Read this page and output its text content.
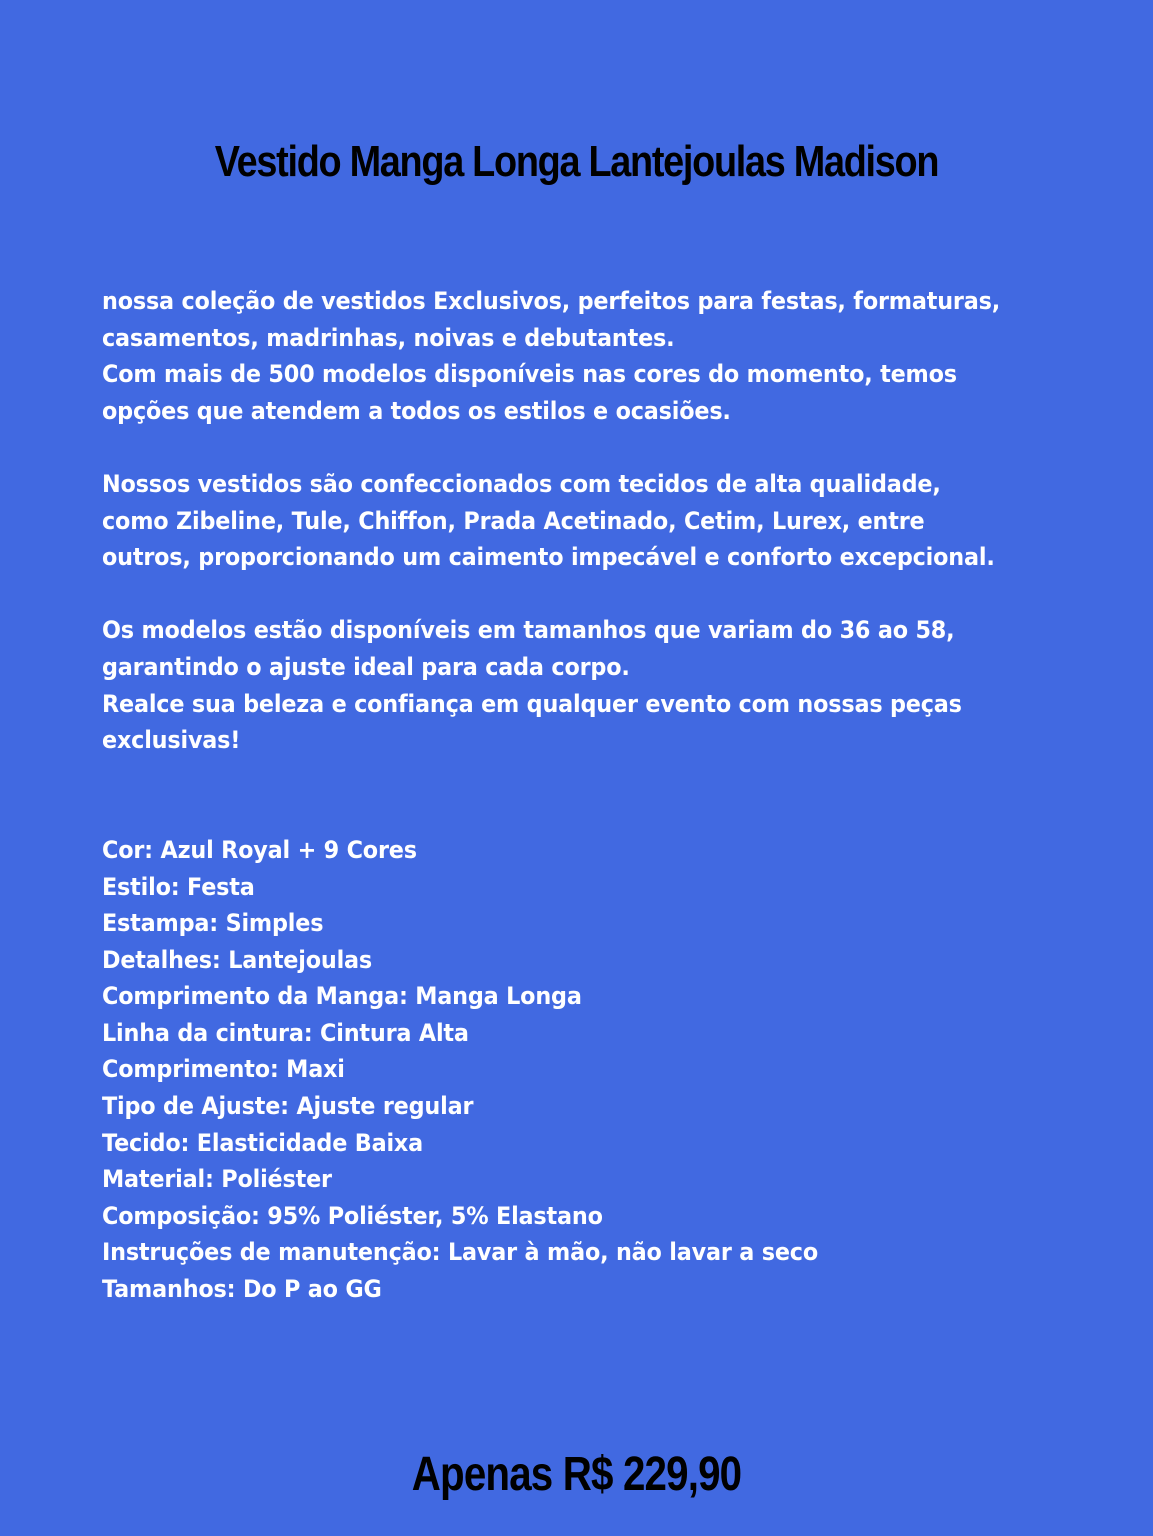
Vestido Manga Longa Lantejoulas Madison
nossa coleção de vestidos Exclusivos, perfeitos para festas, formaturas,
casamentos, madrinhas, noivas e debutantes.
Com mais de 500 modelos disponíveis nas cores do momento, temos
opções que atendem a todos os estilos e ocasiões.
Nossos vestidos são confeccionados com tecidos de alta qualidade,
como Zibeline, Tule, Chiffon, Prada Acetinado, Cetim, Lurex, entre
outros, proporcionando um caimento impecável e conforto excepcional.
Os modelos estão disponíveis em tamanhos que variam do 36 ao 58,
garantindo o ajuste ideal para cada corpo.
Realce sua beleza e confiança em qualquer evento com nossas peças
exclusivas!
Cor: Azul Royal + 9 Cores
Estilo: Festa
Estampa: Simples
Detalhes: Lantejoulas
Comprimento da Manga: Manga Longa
Linha da cintura: Cintura Alta
Comprimento: Maxi
Tipo de Ajuste: Ajuste regular
Tecido: Elasticidade Baixa
Material: Poliéster
Composição: 95% Poliéster, 5% Elastano
Instruções de manutenção: Lavar à mão, não lavar a seco
Tamanhos: Do P ao GG
Apenas R$ 229,90
